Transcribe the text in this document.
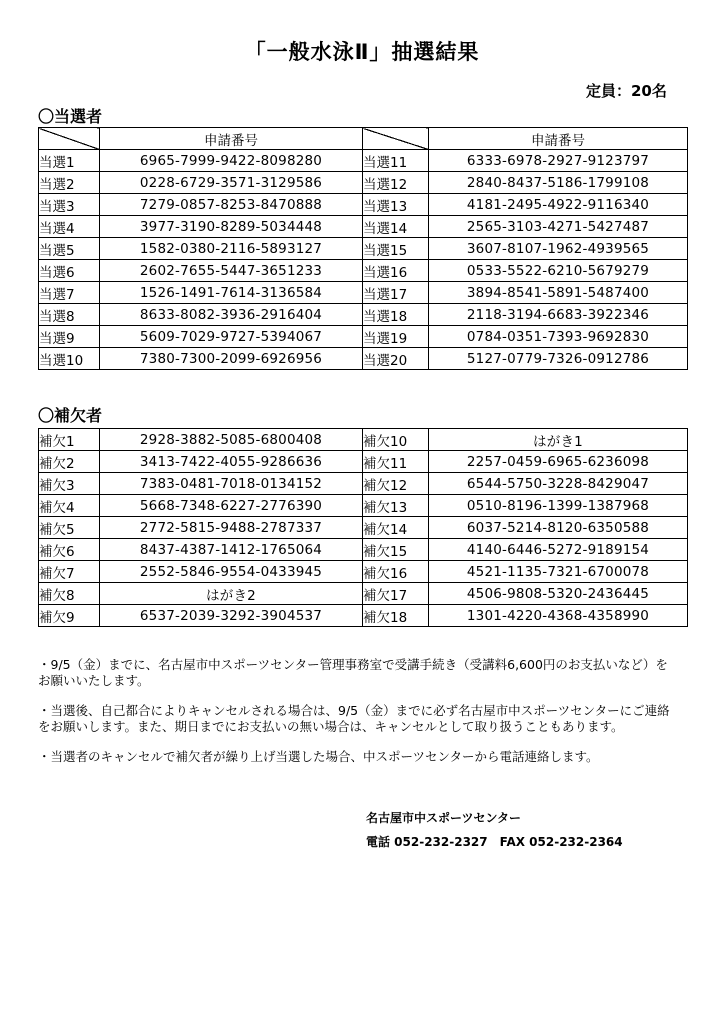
「一般水泳Ⅱ」抽選結果
定員：20名
〇当選者
	申請番号		申請番号
当選1	6965-7999-9422-8098280	当選11	6333-6978-2927-9123797
当選2	0228-6729-3571-3129586	当選12	2840-8437-5186-1799108
当選3	7279-0857-8253-8470888	当選13	4181-2495-4922-9116340
当選4	3977-3190-8289-5034448	当選14	2565-3103-4271-5427487
当選5	1582-0380-2116-5893127	当選15	3607-8107-1962-4939565
当選6	2602-7655-5447-3651233	当選16	0533-5522-6210-5679279
当選7	1526-1491-7614-3136584	当選17	3894-8541-5891-5487400
当選8	8633-8082-3936-2916404	当選18	2118-3194-6683-3922346
当選9	5609-7029-9727-5394067	当選19	0784-0351-7393-9692830
当選10	7380-7300-2099-6926956	当選20	5127-0779-7326-0912786
〇補欠者
補欠1	2928-3882-5085-6800408	補欠10	はがき1
補欠2	3413-7422-4055-9286636	補欠11	2257-0459-6965-6236098
補欠3	7383-0481-7018-0134152	補欠12	6544-5750-3228-8429047
補欠4	5668-7348-6227-2776390	補欠13	0510-8196-1399-1387968
補欠5	2772-5815-9488-2787337	補欠14	6037-5214-8120-6350588
補欠6	8437-4387-1412-1765064	補欠15	4140-6446-5272-9189154
補欠7	2552-5846-9554-0433945	補欠16	4521-1135-7321-6700078
補欠8	はがき2	補欠17	4506-9808-5320-2436445
補欠9	6537-2039-3292-3904537	補欠18	1301-4220-4368-4358990

・9/5（金）までに、名古屋市中スポーツセンター管理事務室で受講手続き（受講料6,600円のお支払いなど）をお願いいたします。

・当選後、自己都合によりキャンセルされる場合は、9/5（金）までに必ず名古屋市中スポーツセンターにご連絡をお願いします。また、期日までにお支払いの無い場合は、キャンセルとして取り扱うこともあります。

・当選者のキャンセルで補欠者が繰り上げ当選した場合、中スポーツセンターから電話連絡します。

名古屋市中スポーツセンター
電話 052-232-2327 FAX 052-232-2364
